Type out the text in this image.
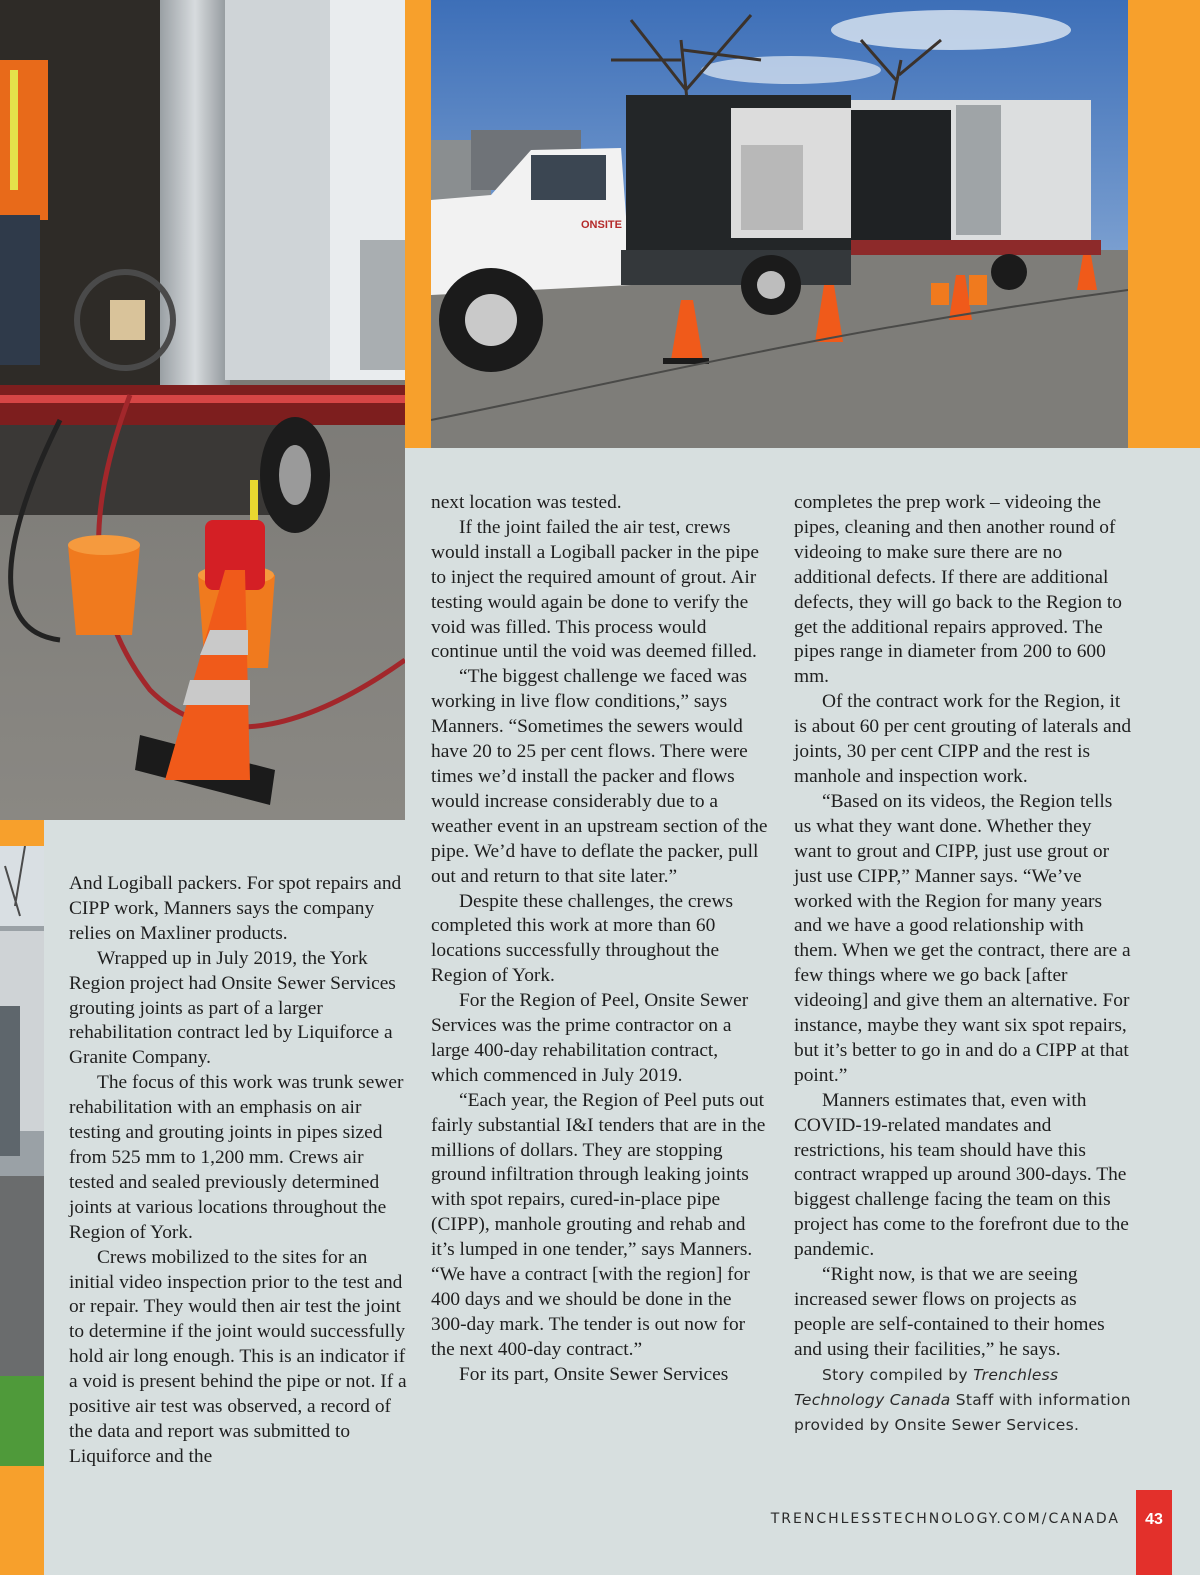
ONSITE

And Logiball packers. For spot repairs and CIPP work, Manners says the company relies on Maxliner products.

Wrapped up in July 2019, the York Region project had Onsite Sewer Services grouting joints as part of a larger rehabilitation contract led by Liquiforce a Granite Company.

The focus of this work was trunk sewer rehabilitation with an emphasis on air testing and grouting joints in pipes sized from 525 mm to 1,200 mm. Crews air tested and sealed previously determined joints at various locations throughout the Region of York.

Crews mobilized to the sites for an initial video inspection prior to the test and or repair. They would then air test the joint to determine if the joint would successfully hold air long enough. This is an indicator if a void is present behind the pipe or not. If a positive air test was observed, a record of the data and report was submitted to Liquiforce and the

next location was tested.

If the joint failed the air test, crews would install a Logiball packer in the pipe to inject the required amount of grout. Air testing would again be done to verify the void was filled. This process would continue until the void was deemed filled.

“The biggest challenge we faced was working in live flow conditions,” says Manners. “Sometimes the sewers would have 20 to 25 per cent flows. There were times we’d install the packer and flows would increase considerably due to a weather event in an upstream section of the pipe. We’d have to deflate the packer, pull out and return to that site later.”

Despite these challenges, the crews completed this work at more than 60 locations successfully throughout the Region of York.

For the Region of Peel, Onsite Sewer Services was the prime contractor on a large 400-day rehabilitation contract, which commenced in July 2019.

“Each year, the Region of Peel puts out fairly substantial I&I tenders that are in the millions of dollars. They are stopping ground infiltration through leaking joints with spot repairs, cured-in-place pipe (CIPP), manhole grouting and rehab and it’s lumped in one tender,” says Manners. “We have a contract [with the region] for 400 days and we should be done in the 300-day mark. The tender is out now for the next 400-day contract.”

For its part, Onsite Sewer Services

completes the prep work – videoing the pipes, cleaning and then another round of videoing to make sure there are no additional defects. If there are additional defects, they will go back to the Region to get the additional repairs approved. The pipes range in diameter from 200 to 600 mm.

Of the contract work for the Region, it is about 60 per cent grouting of laterals and joints, 30 per cent CIPP and the rest is manhole and inspection work.

“Based on its videos, the Region tells us what they want done. Whether they want to grout and CIPP, just use grout or just use CIPP,” Manner says. “We’ve worked with the Region for many years and we have a good relationship with them. When we get the contract, there are a few things where we go back [after videoing] and give them an alternative. For instance, maybe they want six spot repairs, but it’s better to go in and do a CIPP at that point.”

Manners estimates that, even with COVID-19-related mandates and restrictions, his team should have this contract wrapped up around 300-days. The biggest challenge facing the team on this project has come to the forefront due to the pandemic.

“Right now, is that we are seeing increased sewer flows on projects as people are self-contained to their homes and using their facilities,” he says.

Story compiled by Trenchless Technology Canada Staff with information provided by Onsite Sewer Services.

TRENCHLESSTECHNOLOGY.COM/CANADA	43
